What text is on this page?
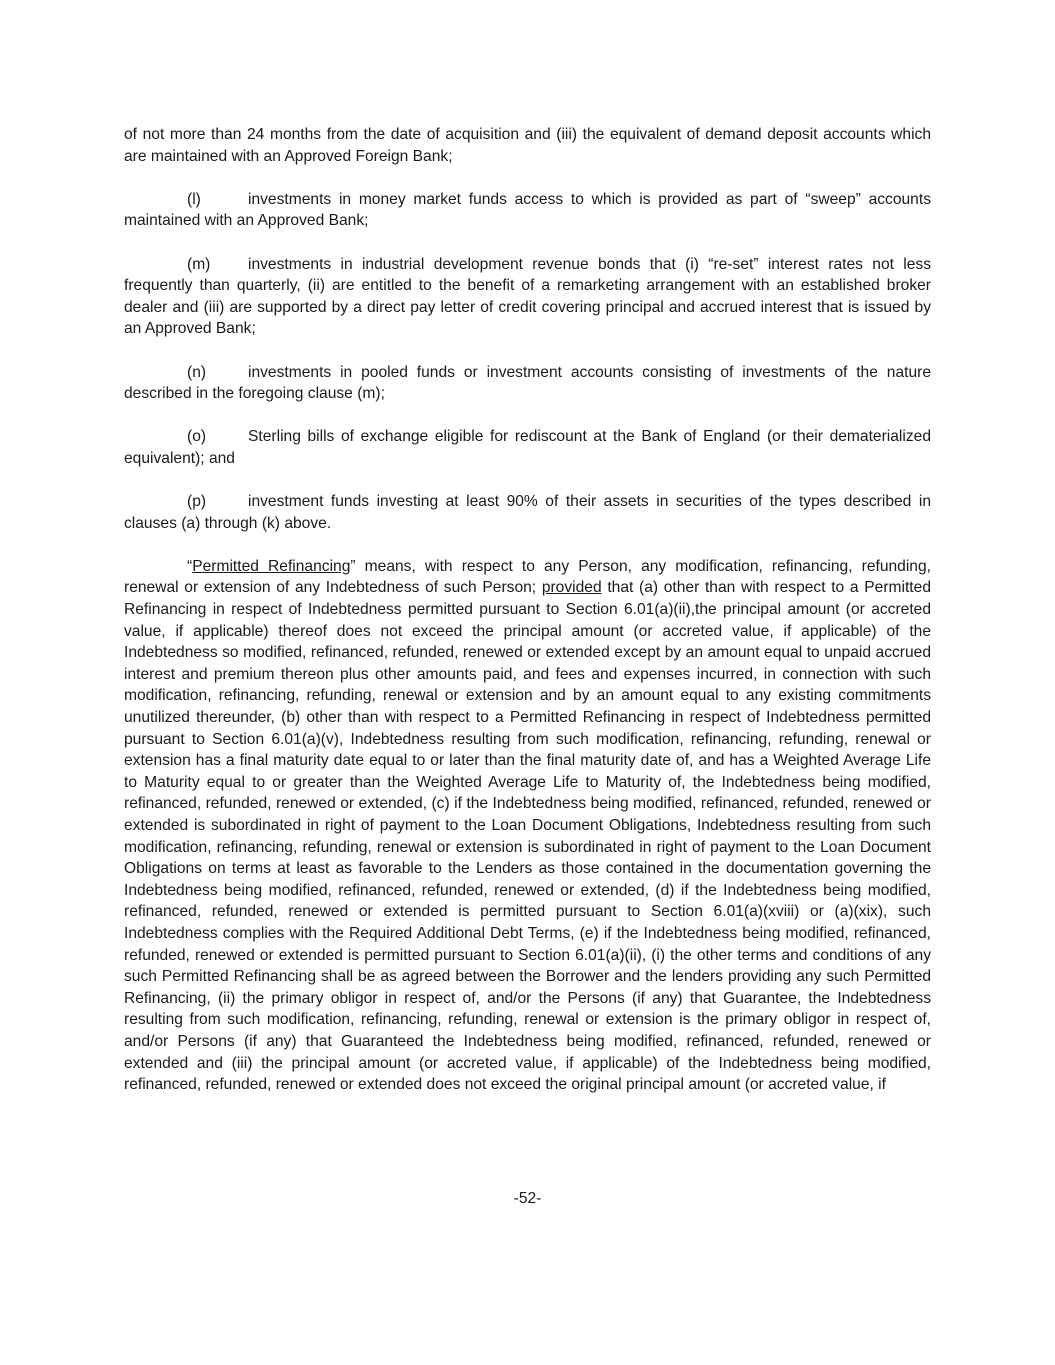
of not more than 24 months from the date of acquisition and (iii) the equivalent of demand deposit accounts which are maintained with an Approved Foreign Bank;

(l)	investments in money market funds access to which is provided as part of “sweep” accounts maintained with an Approved Bank;

(m) investments in industrial development revenue bonds that (i) “re-set” interest rates not less frequently than quarterly, (ii) are entitled to the benefit of a remarketing arrangement with an established broker dealer and (iii) are supported by a direct pay letter of credit covering principal and accrued interest that is issued by an Approved Bank;

(n)	investments in pooled funds or investment accounts consisting of investments of the nature described in the foregoing clause (m);

(o)	Sterling bills of exchange eligible for rediscount at the Bank of England (or their dematerialized equivalent); and

(p)	investment funds investing at least 90% of their assets in securities of the types described in clauses (a) through (k) above.

“Permitted Refinancing” means, with respect to any Person, any modification, refinancing, refunding, renewal or extension of any Indebtedness of such Person; provided that (a) other than with respect to a Permitted Refinancing in respect of Indebtedness permitted pursuant to Section 6.01(a)(ii),the principal amount (or accreted value, if applicable) thereof does not exceed the principal amount (or accreted value, if applicable) of the Indebtedness so modified, refinanced, refunded, renewed or extended except by an amount equal to unpaid accrued interest and premium thereon plus other amounts paid, and fees and expenses incurred, in connection with such modification, refinancing, refunding, renewal or extension and by an amount equal to any existing commitments unutilized thereunder, (b) other than with respect to a Permitted Refinancing in respect of Indebtedness permitted pursuant to Section 6.01(a)(v), Indebtedness resulting from such modification, refinancing, refunding, renewal or extension has a final maturity date equal to or later than the final maturity date of, and has a Weighted Average Life to Maturity equal to or greater than the Weighted Average Life to Maturity of, the Indebtedness being modified, refinanced, refunded, renewed or extended, (c) if the Indebtedness being modified, refinanced, refunded, renewed or extended is subordinated in right of payment to the Loan Document Obligations, Indebtedness resulting from such modification, refinancing, refunding, renewal or extension is subordinated in right of payment to the Loan Document Obligations on terms at least as favorable to the Lenders as those contained in the documentation governing the Indebtedness being modified, refinanced, refunded, renewed or extended, (d) if the Indebtedness being modified, refinanced, refunded, renewed or extended is permitted pursuant to Section 6.01(a)(xviii) or (a)(xix), such Indebtedness complies with the Required Additional Debt Terms, (e) if the Indebtedness being modified, refinanced, refunded, renewed or extended is permitted pursuant to Section 6.01(a)(ii), (i) the other terms and conditions of any such Permitted Refinancing shall be as agreed between the Borrower and the lenders providing any such Permitted Refinancing, (ii) the primary obligor in respect of, and/or the Persons (if any) that Guarantee, the Indebtedness resulting from such modification, refinancing, refunding, renewal or extension is the primary obligor in respect of, and/or Persons (if any) that Guaranteed the Indebtedness being modified, refinanced, refunded, renewed or extended and (iii) the principal amount (or accreted value, if applicable) of the Indebtedness being modified, refinanced, refunded, renewed or extended does not exceed the original principal amount (or accreted value, if

-52-
